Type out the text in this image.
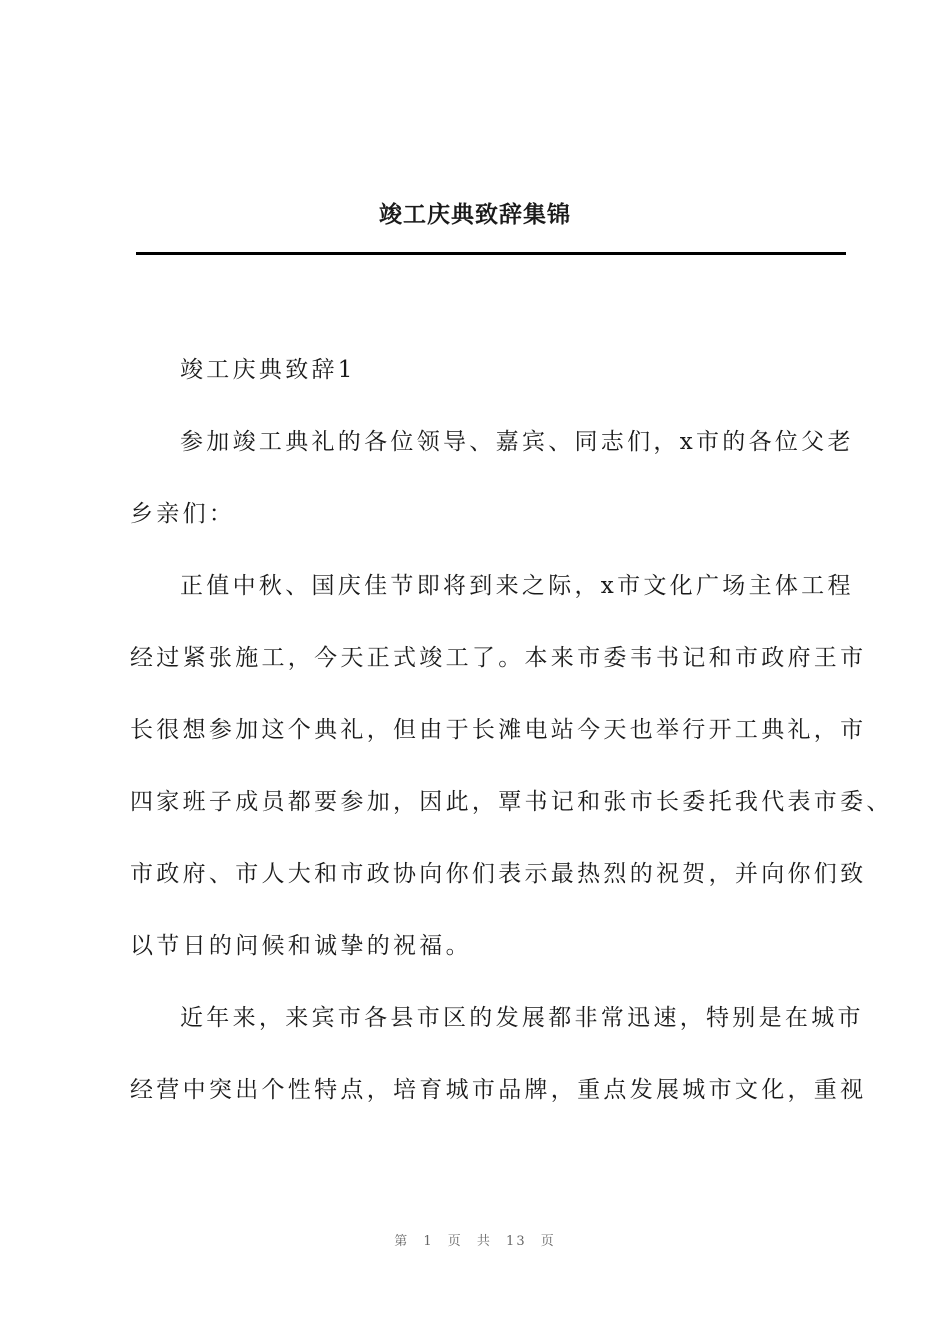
竣工庆典致辞集锦
竣工庆典致辞1
参加竣工典礼的各位领导、嘉宾、同志们，x市的各位父老
乡亲们：
正值中秋、国庆佳节即将到来之际，x市文化广场主体工程
经过紧张施工，今天正式竣工了。本来市委韦书记和市政府王市
长很想参加这个典礼，但由于长滩电站今天也举行开工典礼，市
四家班子成员都要参加，因此，覃书记和张市长委托我代表市委、
市政府、市人大和市政协向你们表示最热烈的祝贺，并向你们致
以节日的问候和诚挚的祝福。
近年来，来宾市各县市区的发展都非常迅速，特别是在城市
经营中突出个性特点，培育城市品牌，重点发展城市文化，重视
第 1 页 共 13 页
